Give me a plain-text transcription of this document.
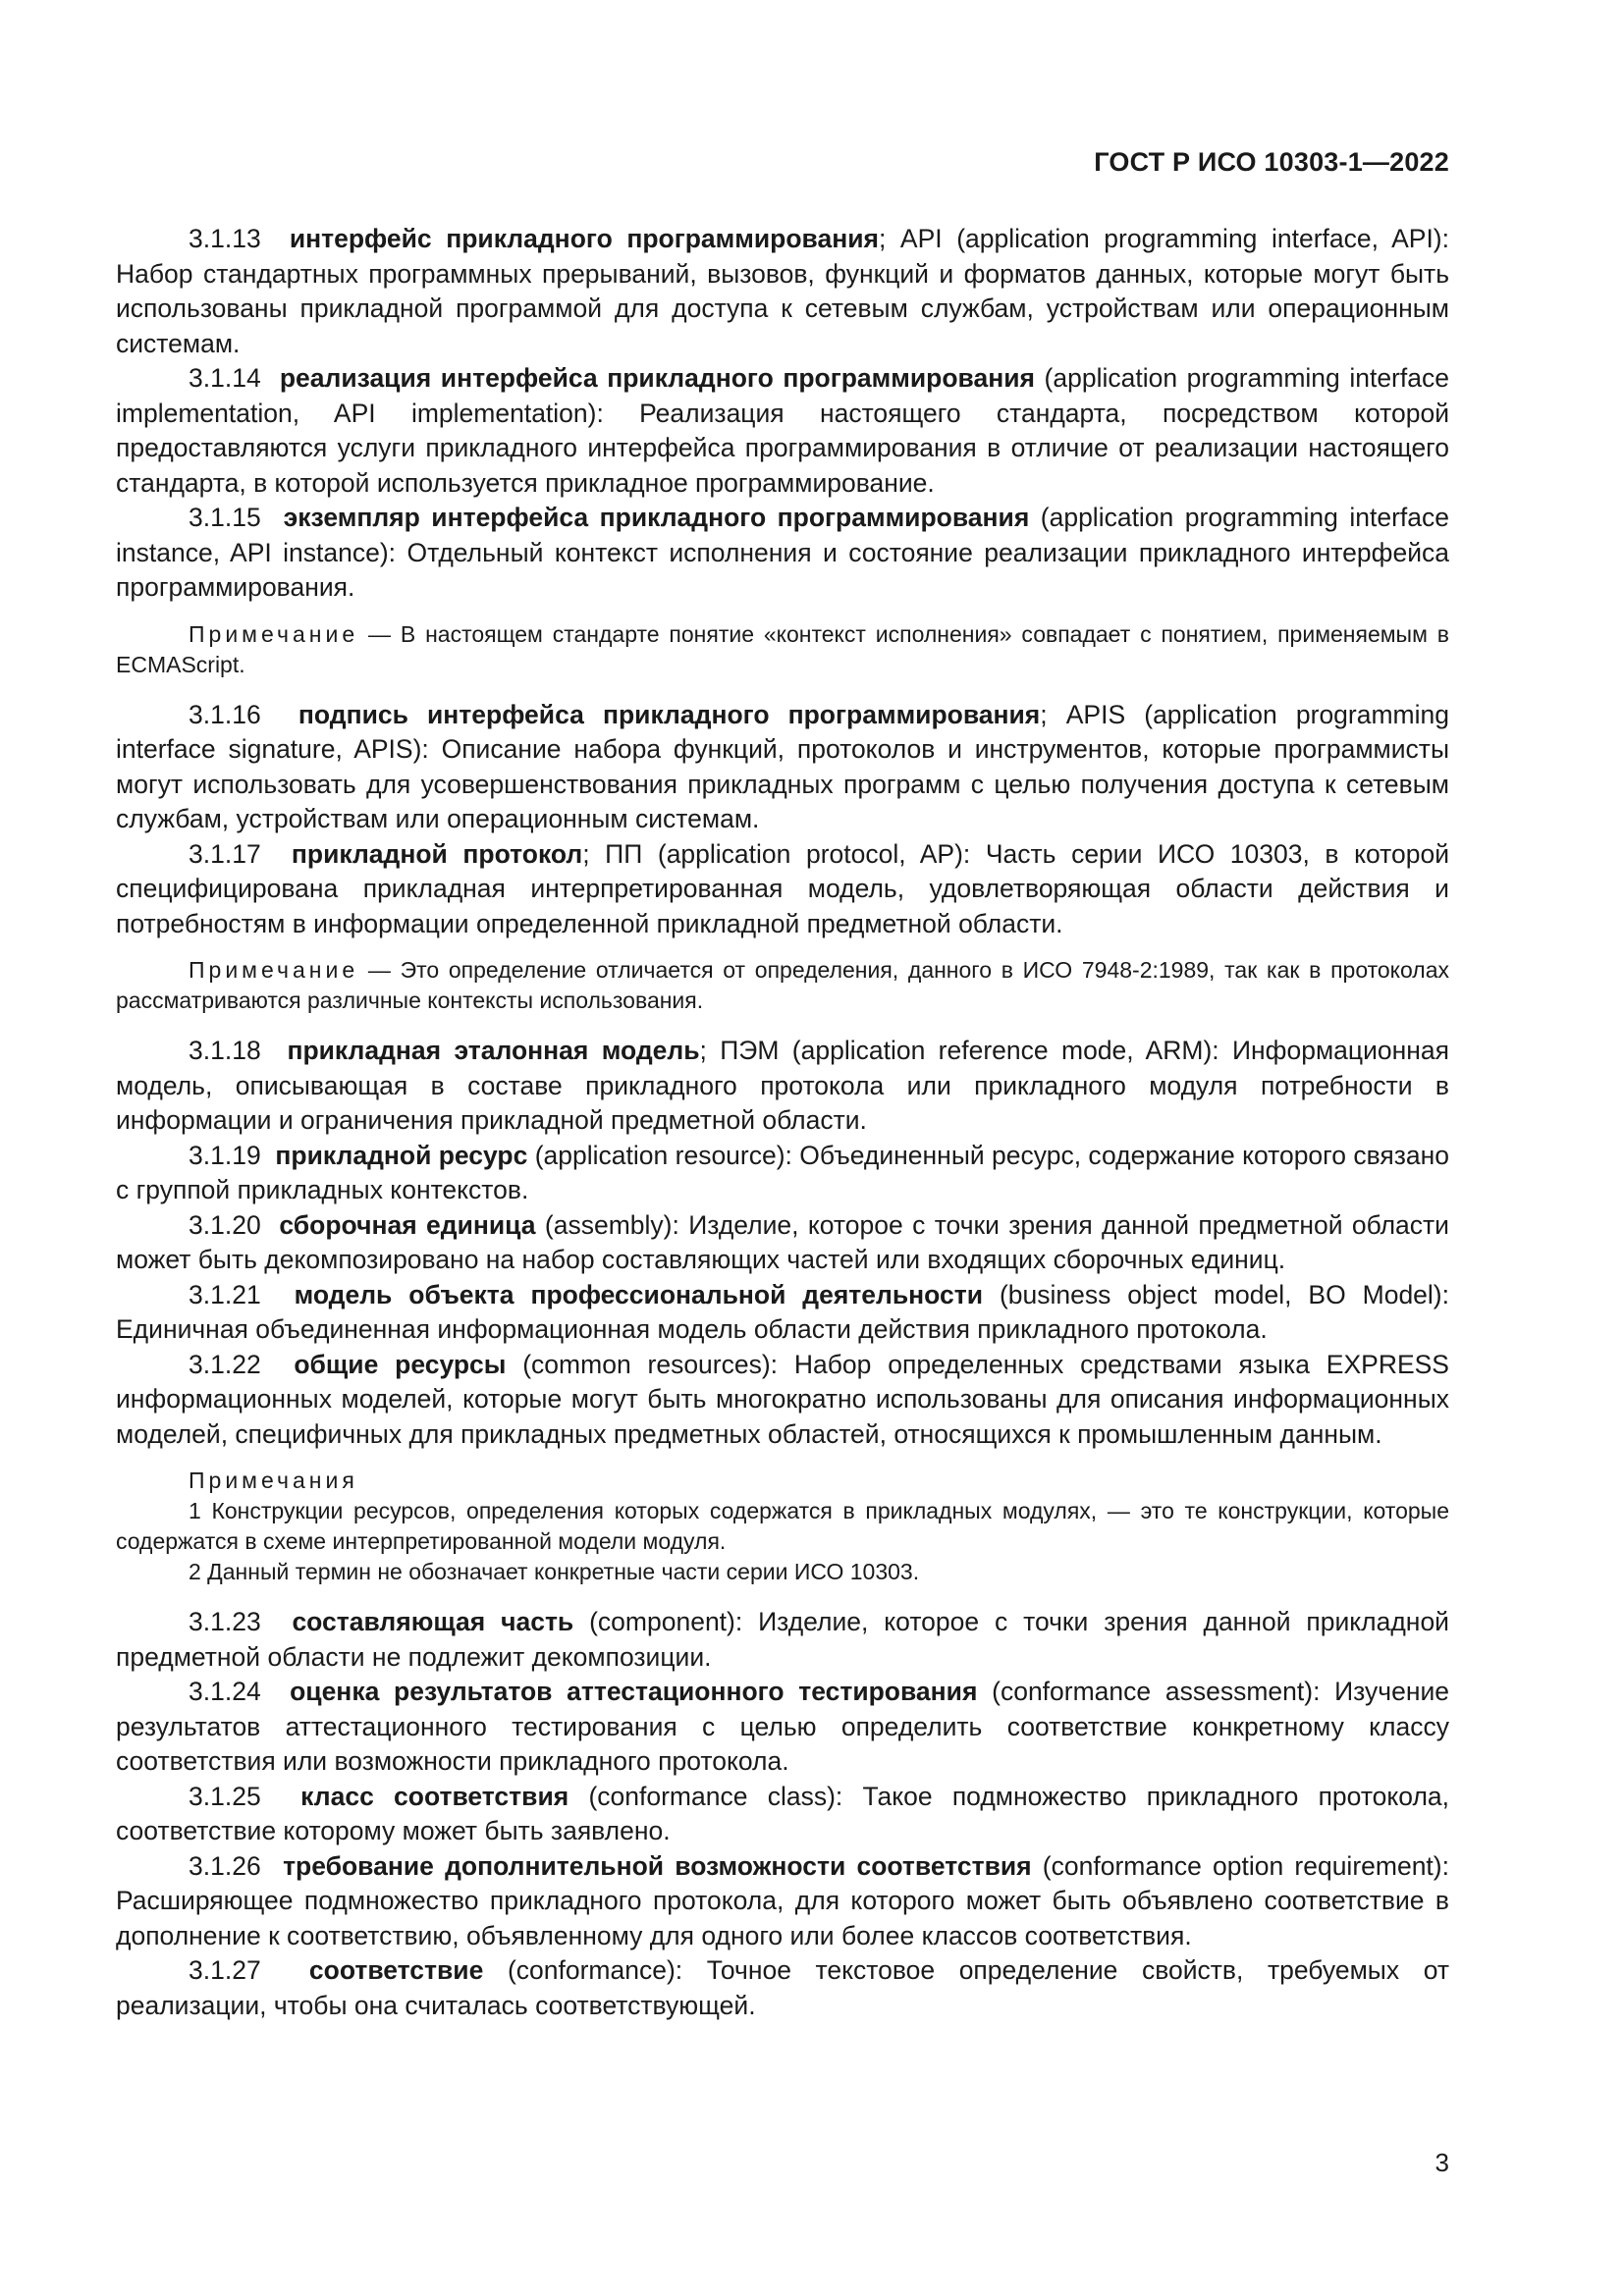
ГОСТ Р ИСО 10303-1—2022

3.1.13 интерфейс прикладного программирования; API (application programming interface, API): Набор стандартных программных прерываний, вызовов, функций и форматов данных, которые могут быть использованы прикладной программой для доступа к сетевым службам, устройствам или операционным системам.

3.1.14 реализация интерфейса прикладного программирования (application programming interface implementation, API implementation): Реализация настоящего стандарта, посредством которой предоставляются услуги прикладного интерфейса программирования в отличие от реализации настоящего стандарта, в которой используется прикладное программирование.

3.1.15 экземпляр интерфейса прикладного программирования (application programming interface instance, API instance): Отдельный контекст исполнения и состояние реализации прикладного интерфейса программирования.

Примечание — В настоящем стандарте понятие «контекст исполнения» совпадает с понятием, применяемым в ECMAScript.

3.1.16 подпись интерфейса прикладного программирования; APIS (application programming interface signature, APIS): Описание набора функций, протоколов и инструментов, которые программисты могут использовать для усовершенствования прикладных программ с целью получения доступа к сетевым службам, устройствам или операционным системам.

3.1.17 прикладной протокол; ПП (application protocol, AP): Часть серии ИСО 10303, в которой специфицирована прикладная интерпретированная модель, удовлетворяющая области действия и потребностям в информации определенной прикладной предметной области.

Примечание — Это определение отличается от определения, данного в ИСО 7948-2:1989, так как в протоколах рассматриваются различные контексты использования.

3.1.18 прикладная эталонная модель; ПЭМ (application reference mode, ARM): Информационная модель, описывающая в составе прикладного протокола или прикладного модуля потребности в информации и ограничения прикладной предметной области.

3.1.19 прикладной ресурс (application resource): Объединенный ресурс, содержание которого связано с группой прикладных контекстов.

3.1.20 сборочная единица (assembly): Изделие, которое с точки зрения данной предметной области может быть декомпозировано на набор составляющих частей или входящих сборочных единиц.

3.1.21 модель объекта профессиональной деятельности (business object model, BO Model): Единичная объединенная информационная модель области действия прикладного протокола.

3.1.22 общие ресурсы (common resources): Набор определенных средствами языка EXPRESS информационных моделей, которые могут быть многократно использованы для описания информационных моделей, специфичных для прикладных предметных областей, относящихся к промышленным данным.

Примечания

1 Конструкции ресурсов, определения которых содержатся в прикладных модулях, — это те конструкции, которые содержатся в схеме интерпретированной модели модуля.

2 Данный термин не обозначает конкретные части серии ИСО 10303.

3.1.23 составляющая часть (component): Изделие, которое с точки зрения данной прикладной предметной области не подлежит декомпозиции.

3.1.24 оценка результатов аттестационного тестирования (conformance assessment): Изучение результатов аттестационного тестирования с целью определить соответствие конкретному классу соответствия или возможности прикладного протокола.

3.1.25 класс соответствия (conformance class): Такое подмножество прикладного протокола, соответствие которому может быть заявлено.

3.1.26 требование дополнительной возможности соответствия (conformance option requirement): Расширяющее подмножество прикладного протокола, для которого может быть объявлено соответствие в дополнение к соответствию, объявленному для одного или более классов соответствия.

3.1.27 соответствие (conformance): Точное текстовое определение свойств, требуемых от реализации, чтобы она считалась соответствующей.

3
